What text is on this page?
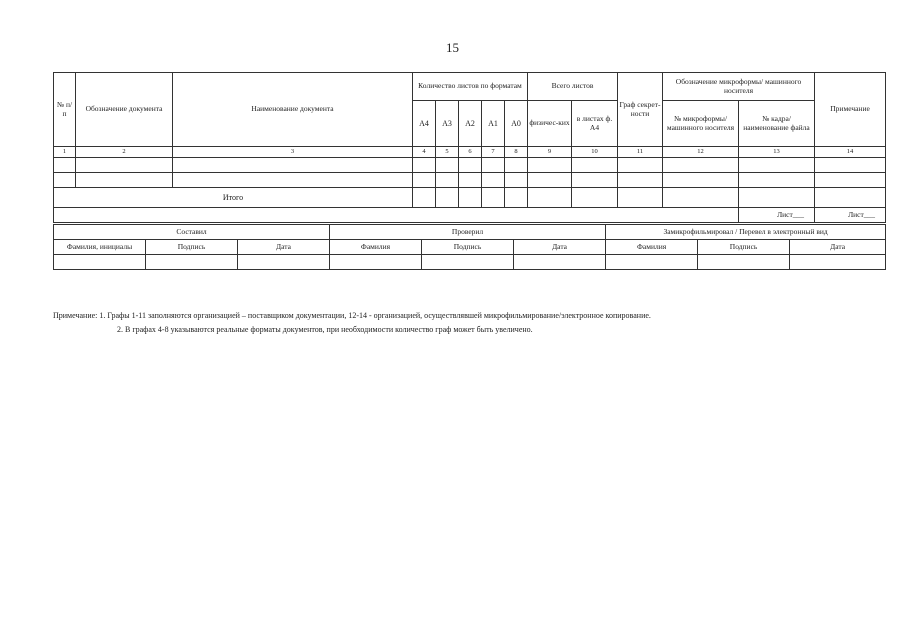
15
№ п/п	Обозначение документа	Наименование документа	Количество листов по форматам					Всего листов		Граф секрет-ности	Обозначение микроформы/ машинного носителя		Примечание
			А4	А3	А2	А1	А0	физичес-ких	в листах ф. А4		№ микроформы/ машинного носителя	№ кадра/ наименование файла	
1	2	3	4	5	6	7	8	9	10	11	12	13	14

Итого													
												Лист___	Лист___
Составил			Проверил			Замикрофильмировал / Перевел в электронный вид		
Фамилия, инициалы	Подпись	Дата	Фамилия	Подпись	Дата	Фамилия	Подпись	Дата

Примечание: 1. Графы 1-11 заполняются организацией – поставщиком документации, 12-14 - организацией, осуществлявшей микрофильмирование/электронное копирование.
2. В графах 4-8 указываются реальные форматы документов, при необходимости количество граф может быть увеличено.
